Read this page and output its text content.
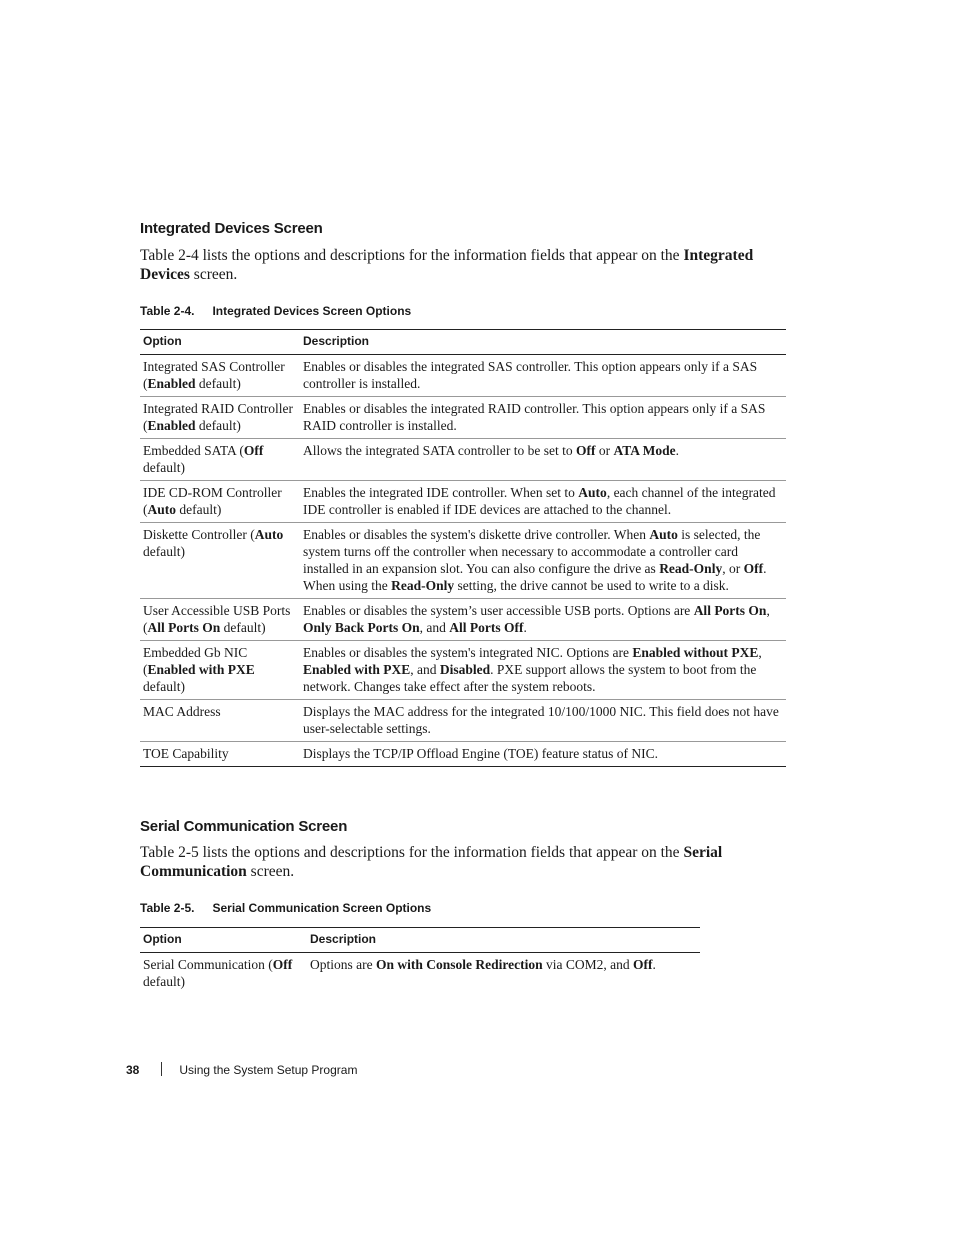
Integrated Devices Screen
Table 2-4 lists the options and descriptions for the information fields that appear on the Integrated Devices screen.
Table 2-4. Integrated Devices Screen Options
Option	Description
Integrated SAS Controller (Enabled default)	Enables or disables the integrated SAS controller. This option appears only if a SAS controller is installed.
Integrated RAID Controller (Enabled default)	Enables or disables the integrated RAID controller. This option appears only if a SAS RAID controller is installed.
Embedded SATA (Off default)	Allows the integrated SATA controller to be set to Off or ATA Mode.
IDE CD-ROM Controller (Auto default)	Enables the integrated IDE controller. When set to Auto, each channel of the integrated IDE controller is enabled if IDE devices are attached to the channel.
Diskette Controller (Auto default)	Enables or disables the system's diskette drive controller. When Auto is selected, the system turns off the controller when necessary to accommodate a controller card installed in an expansion slot. You can also configure the drive as Read-Only, or Off. When using the Read-Only setting, the drive cannot be used to write to a disk.
User Accessible USB Ports (All Ports On default)	Enables or disables the system’s user accessible USB ports. Options are All Ports On, Only Back Ports On, and All Ports Off.
Embedded Gb NIC (Enabled with PXE default)	Enables or disables the system's integrated NIC. Options are Enabled without PXE, Enabled with PXE, and Disabled. PXE support allows the system to boot from the network. Changes take effect after the system reboots.
MAC Address	Displays the MAC address for the integrated 10/100/1000 NIC. This field does not have user-selectable settings.
TOE Capability	Displays the TCP/IP Offload Engine (TOE) feature status of NIC.
Serial Communication Screen
Table 2-5 lists the options and descriptions for the information fields that appear on the Serial Communication screen.
Table 2-5. Serial Communication Screen Options
Option	Description
Serial Communication (Off default)	Options are On with Console Redirection via COM2, and Off.
38	Using the System Setup Program
